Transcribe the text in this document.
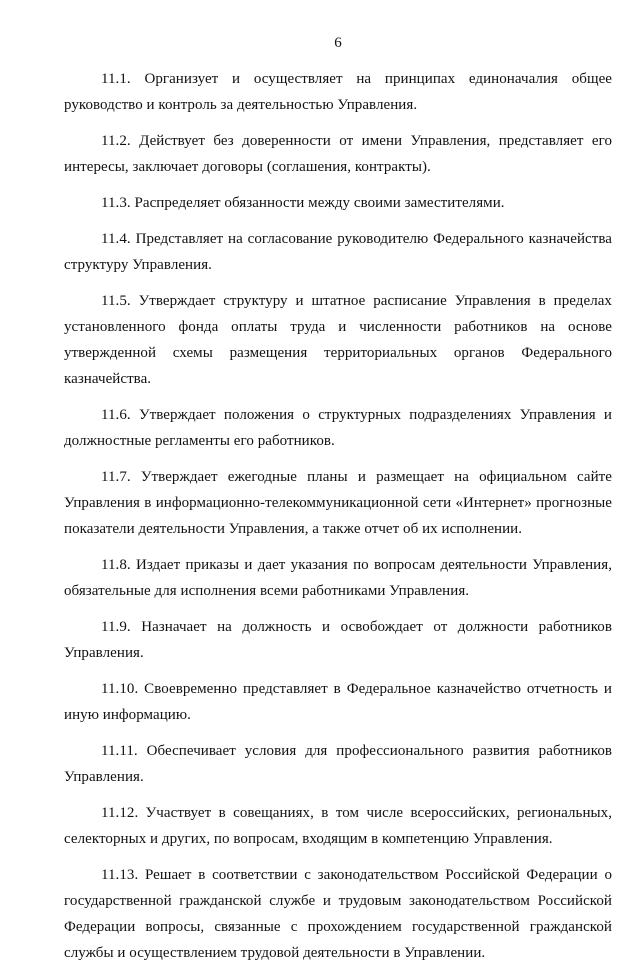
6

11.1. Организует и осуществляет на принципах единоначалия общее руководство и контроль за деятельностью Управления.

11.2. Действует без доверенности от имени Управления, представляет его интересы, заключает договоры (соглашения, контракты).

11.3. Распределяет обязанности между своими заместителями.

11.4. Представляет на согласование руководителю Федерального казначейства структуру Управления.

11.5. Утверждает структуру и штатное расписание Управления в пределах установленного фонда оплаты труда и численности работников на основе утвержденной схемы размещения территориальных органов Федерального казначейства.

11.6. Утверждает положения о структурных подразделениях Управления и должностные регламенты его работников.

11.7. Утверждает ежегодные планы и размещает на официальном сайте Управления в информационно-телекоммуникационной сети «Интернет» прогнозные показатели деятельности Управления, а также отчет об их исполнении.

11.8. Издает приказы и дает указания по вопросам деятельности Управления, обязательные для исполнения всеми работниками Управления.

11.9. Назначает на должность и освобождает от должности работников Управления.

11.10. Своевременно представляет в Федеральное казначейство отчетность и иную информацию.

11.11. Обеспечивает условия для профессионального развития работников Управления.

11.12. Участвует в совещаниях, в том числе всероссийских, региональных, селекторных и других, по вопросам, входящим в компетенцию Управления.

11.13. Решает в соответствии с законодательством Российской Федерации о государственной гражданской службе и трудовым законодательством Российской Федерации вопросы, связанные с прохождением государственной гражданской службы и осуществлением трудовой деятельности в Управлении.
